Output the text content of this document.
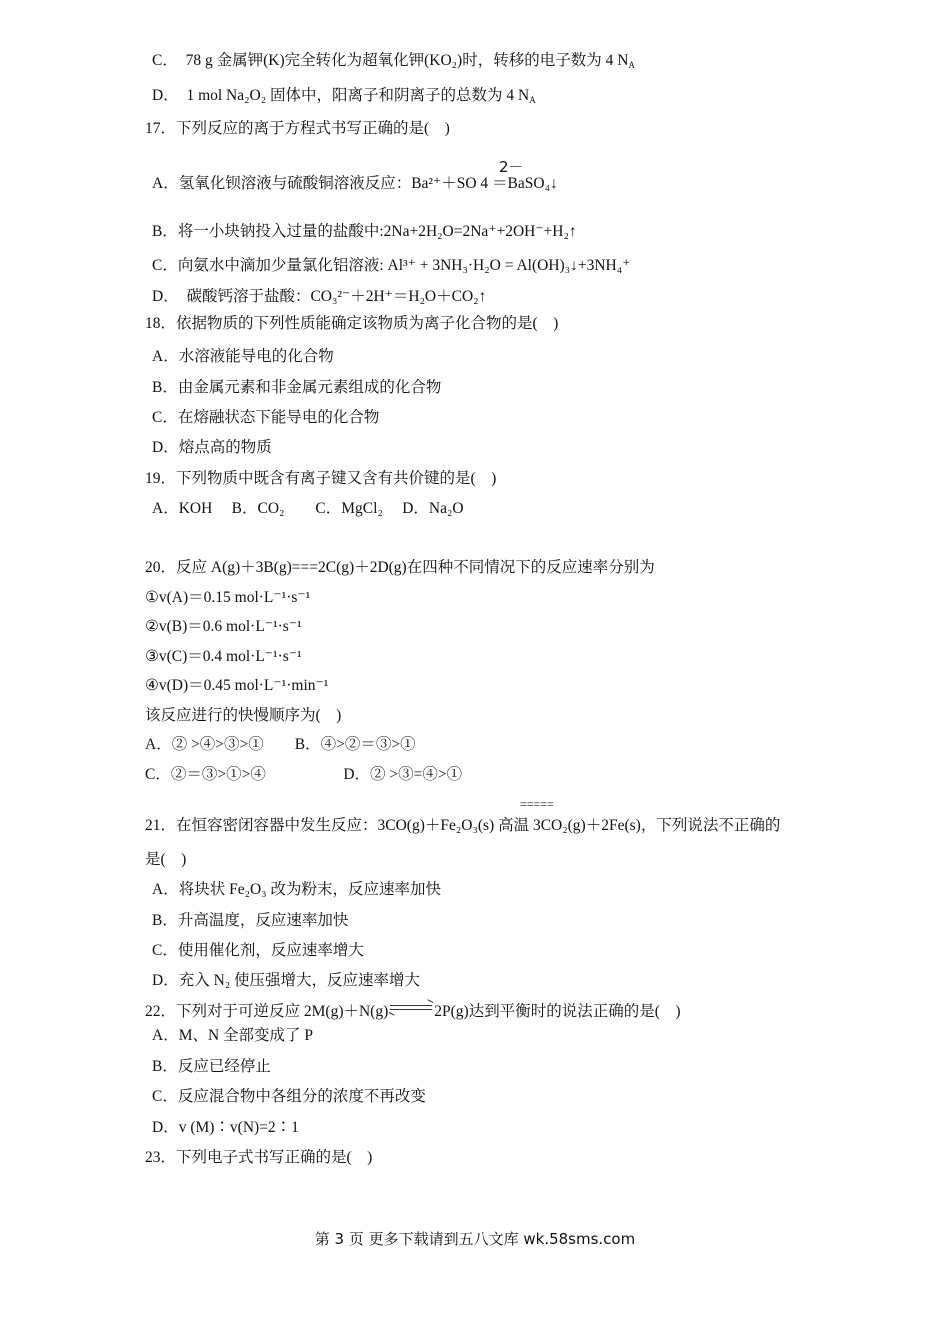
C．　78 g 金属钾(K)完全转化为超氧化钾(KO₂)时，转移的电子数为 4 $N_A$
D．　1 mol Na₂O₂ 固体中，阳离子和阴离子的总数为 4 $N_A$
17．下列反应的离于方程式书写正确的是(　)
2－
A．氢氧化钡溶液与硫酸铜溶液反应：Ba²⁺＋SO 4 ＝BaSO₄↓
B．将一小块钠投入过量的盐酸中:2Na+2H₂O=2Na⁺+2OH⁻+H₂↑
C．向氨水中滴加少量氯化铝溶液: Al³⁺ + 3NH₃·H₂O = Al(OH)₃↓+3NH₄⁺
D．　碳酸钙溶于盐酸：CO₃²⁻＋2H⁺＝H₂O＋CO₂↑
18．依据物质的下列性质能确定该物质为离子化合物的是(　)
A．水溶液能导电的化合物
B．由金属元素和非金属元素组成的化合物
C．在熔融状态下能导电的化合物
D．熔点高的物质
19．下列物质中既含有离子键又含有共价键的是(　)
A．KOH　 B．CO₂　　C．MgCl₂　 D．Na₂O
20．反应 A(g)＋3B(g)===2C(g)＋2D(g)在四种不同情况下的反应速率分别为
①v(A)＝0.15 mol·L⁻¹·s⁻¹
②v(B)＝0.6 mol·L⁻¹·s⁻¹
③v(C)＝0.4 mol·L⁻¹·s⁻¹
④v(D)＝0.45 mol·L⁻¹·min⁻¹
该反应进行的快慢顺序为(　)
A．② >④>③>①　　B．④>②＝③>①
C．②＝③>①>④　　　　　D．② >③=④>①
=====
21．在恒容密闭容器中发生反应：3CO(g)＋Fe₂O₃(s) 高温 3CO₂(g)＋2Fe(s)，下列说法不正确的
是(　)
A．将块状 Fe₂O₃ 改为粉末，反应速率加快
B．升高温度，反应速率加快
C．使用催化剂，反应速率增大
D．充入 N₂ 使压强增大，反应速率增大
22．下列对于可逆反应 2M(g)＋N(g) ⇌ 2P(g)达到平衡时的说法正确的是(　)
A．M、N 全部变成了 P
B．反应已经停止
C．反应混合物中各组分的浓度不再改变
D．v (M)∶v(N)=2∶1
23．下列电子式书写正确的是(　)
第 3 页 更多下载请到五八文库 wk.58sms.com
